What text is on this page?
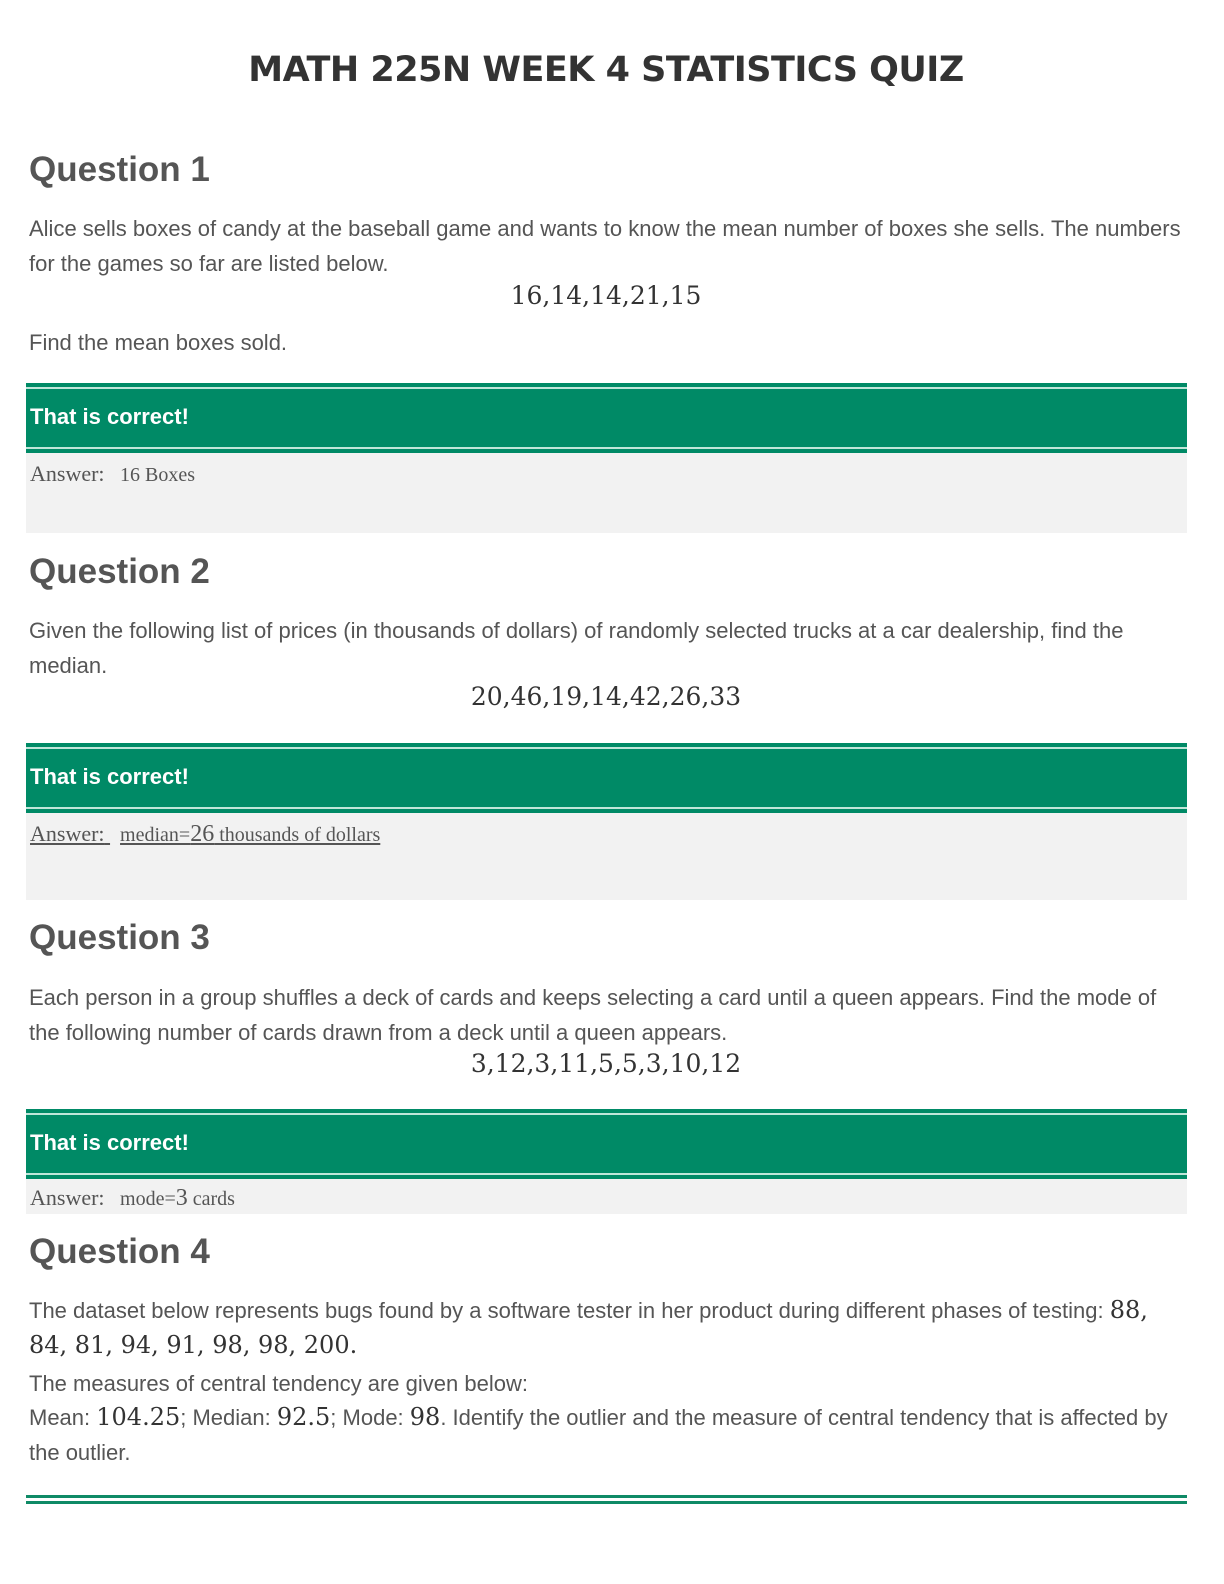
MATH 225N WEEK 4 STATISTICS QUIZ
Question 1
Alice sells boxes of candy at the baseball game and wants to know the mean number of boxes she sells. The numbers for the games so far are listed below.
16,14,14,21,15
Find the mean boxes sold.
That is correct!
Answer: 16 Boxes
Question 2
Given the following list of prices (in thousands of dollars) of randomly selected trucks at a car dealership, find the median.
20,46,19,14,42,26,33
That is correct!
Answer: median=26 thousands of dollars
Question 3
Each person in a group shuffles a deck of cards and keeps selecting a card until a queen appears. Find the mode of the following number of cards drawn from a deck until a queen appears.
3,12,3,11,5,5,3,10,12
That is correct!
Answer: mode=3 cards
Question 4
The dataset below represents bugs found by a software tester in her product during different phases of testing: 88, 84, 81, 94, 91, 98, 98, 200.
The measures of central tendency are given below:
Mean: 104.25; Median: 92.5; Mode: 98. Identify the outlier and the measure of central tendency that is affected by the outlier.
